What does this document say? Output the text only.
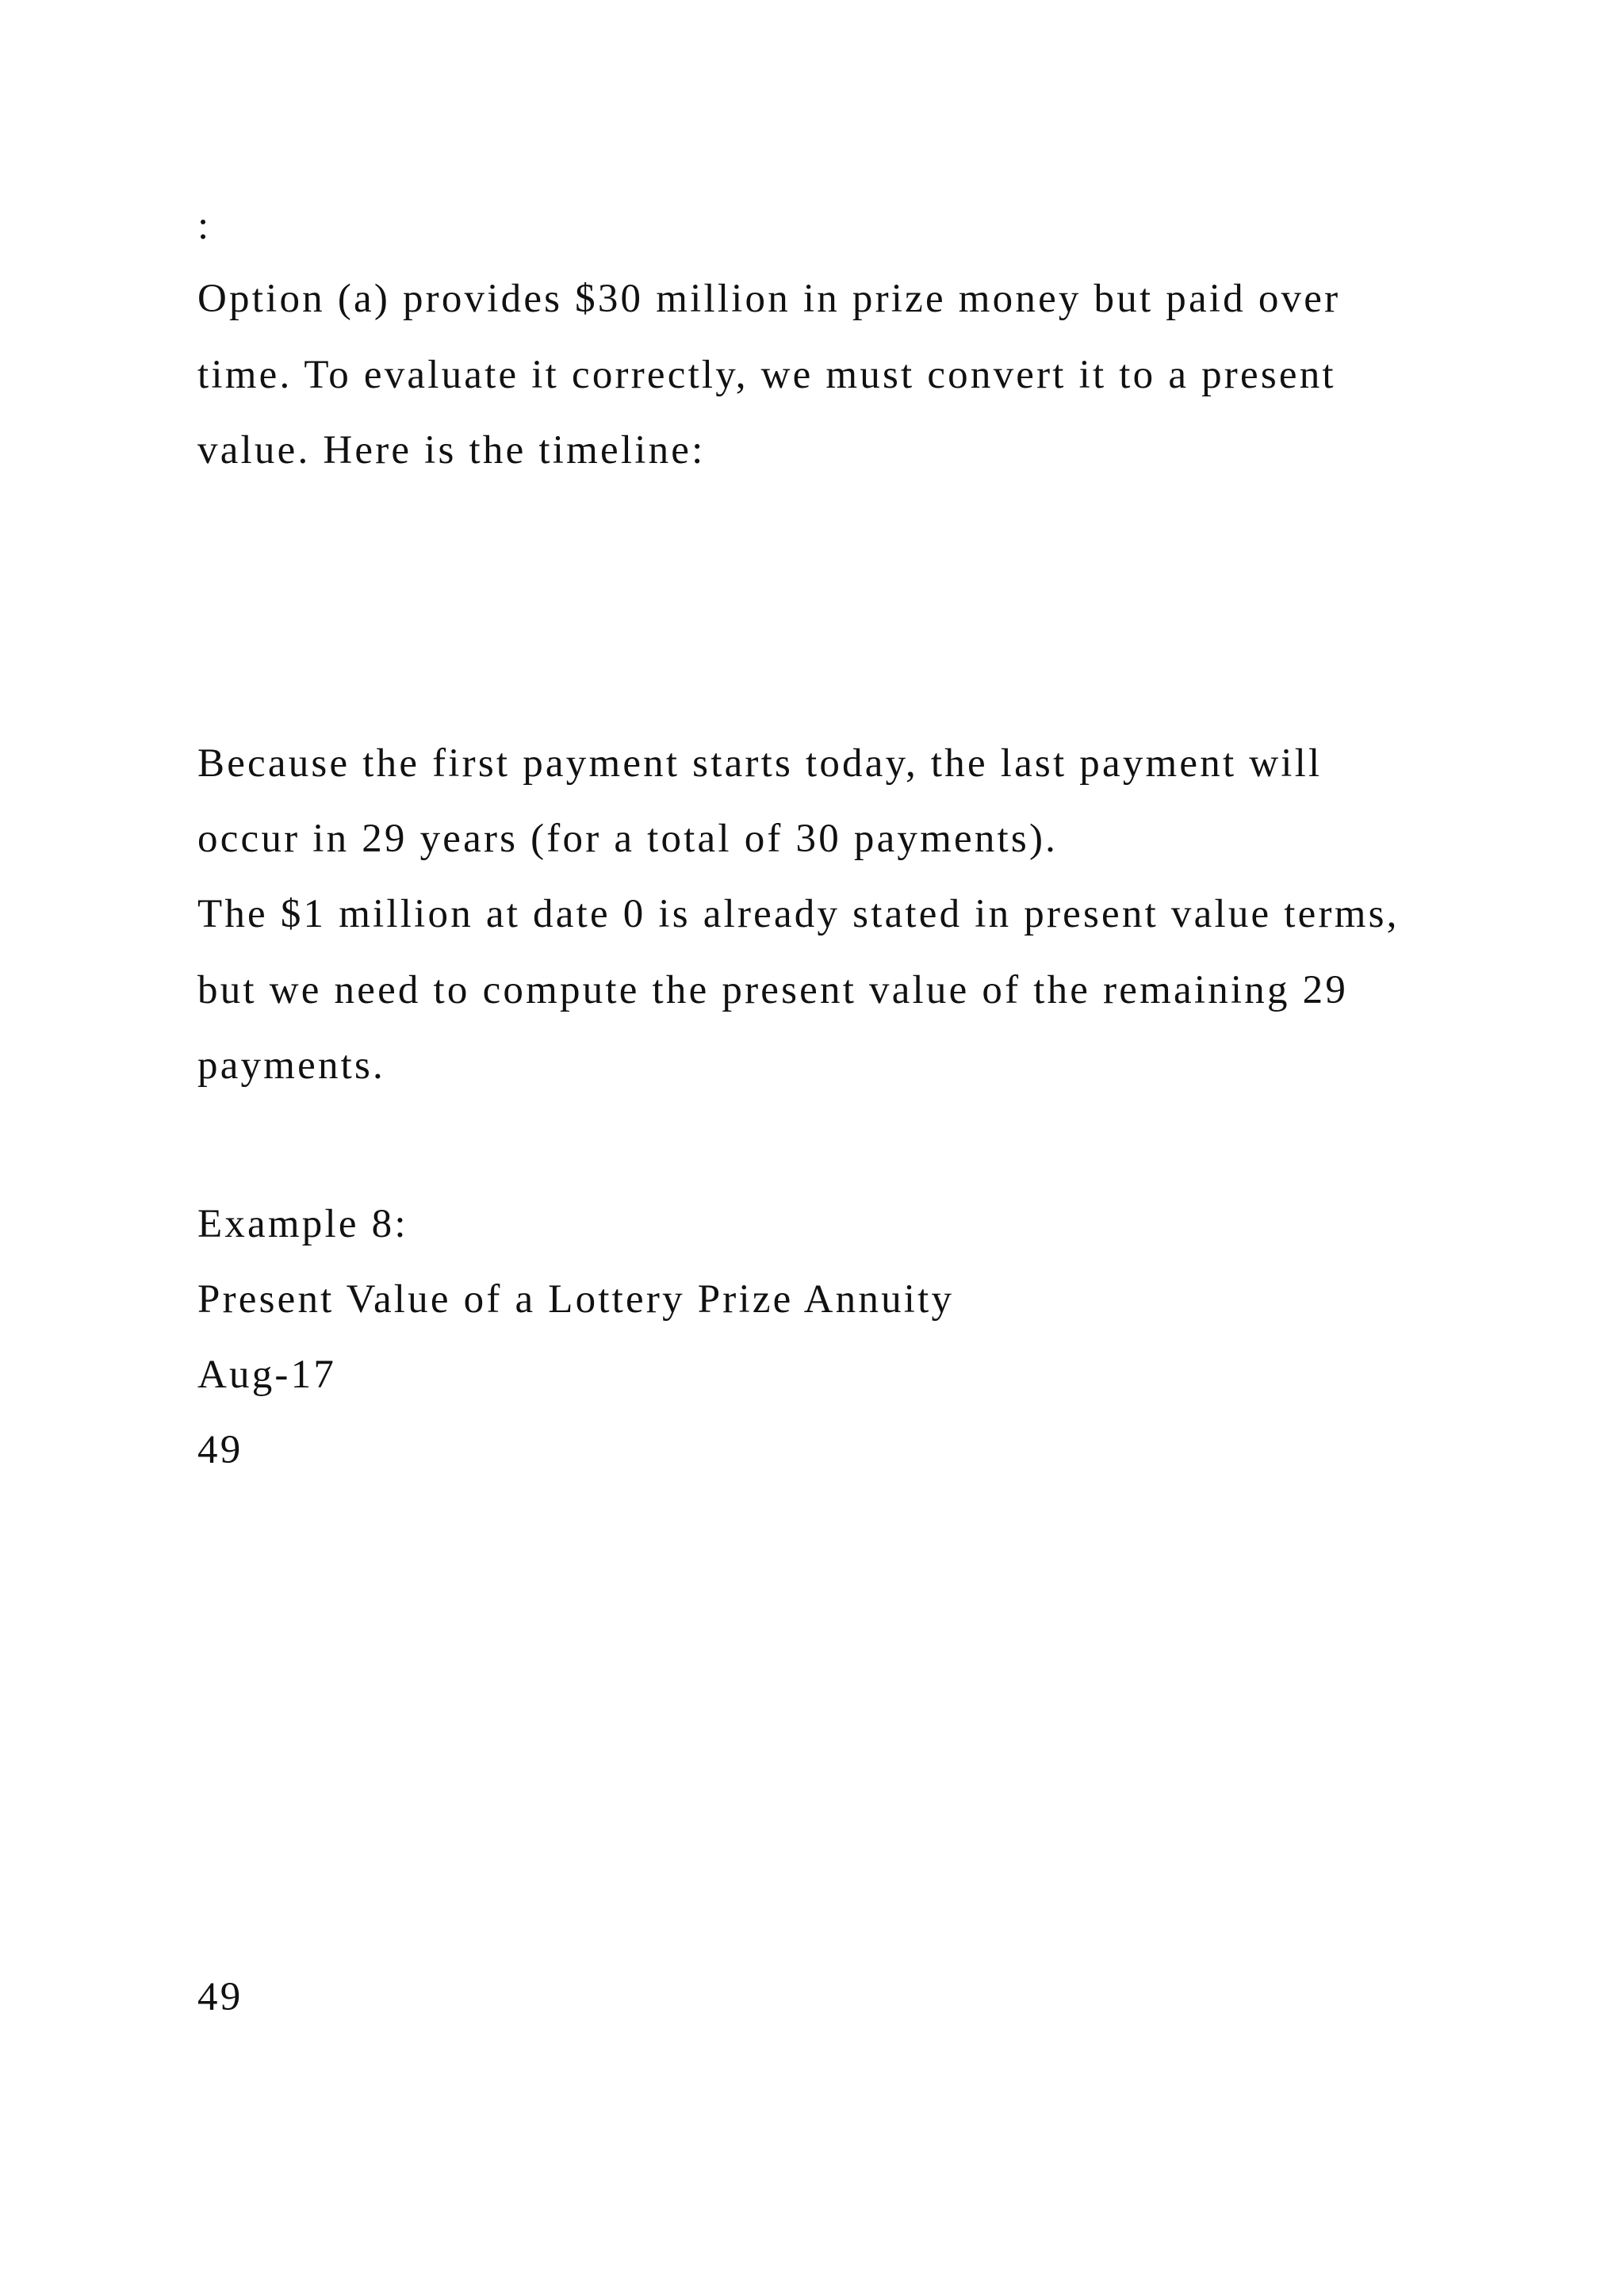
:

Option (a) provides $30 million in prize money but paid over

time. To evaluate it correctly, we must convert it to a present

value. Here is the timeline:

Because the first payment starts today, the last payment will

occur in 29 years (for a total of 30 payments).

The $1 million at date 0 is already stated in present value terms,

but we need to compute the present value of the remaining 29

payments.

Example 8:

Present Value of a Lottery Prize Annuity

Aug-17

49

49
